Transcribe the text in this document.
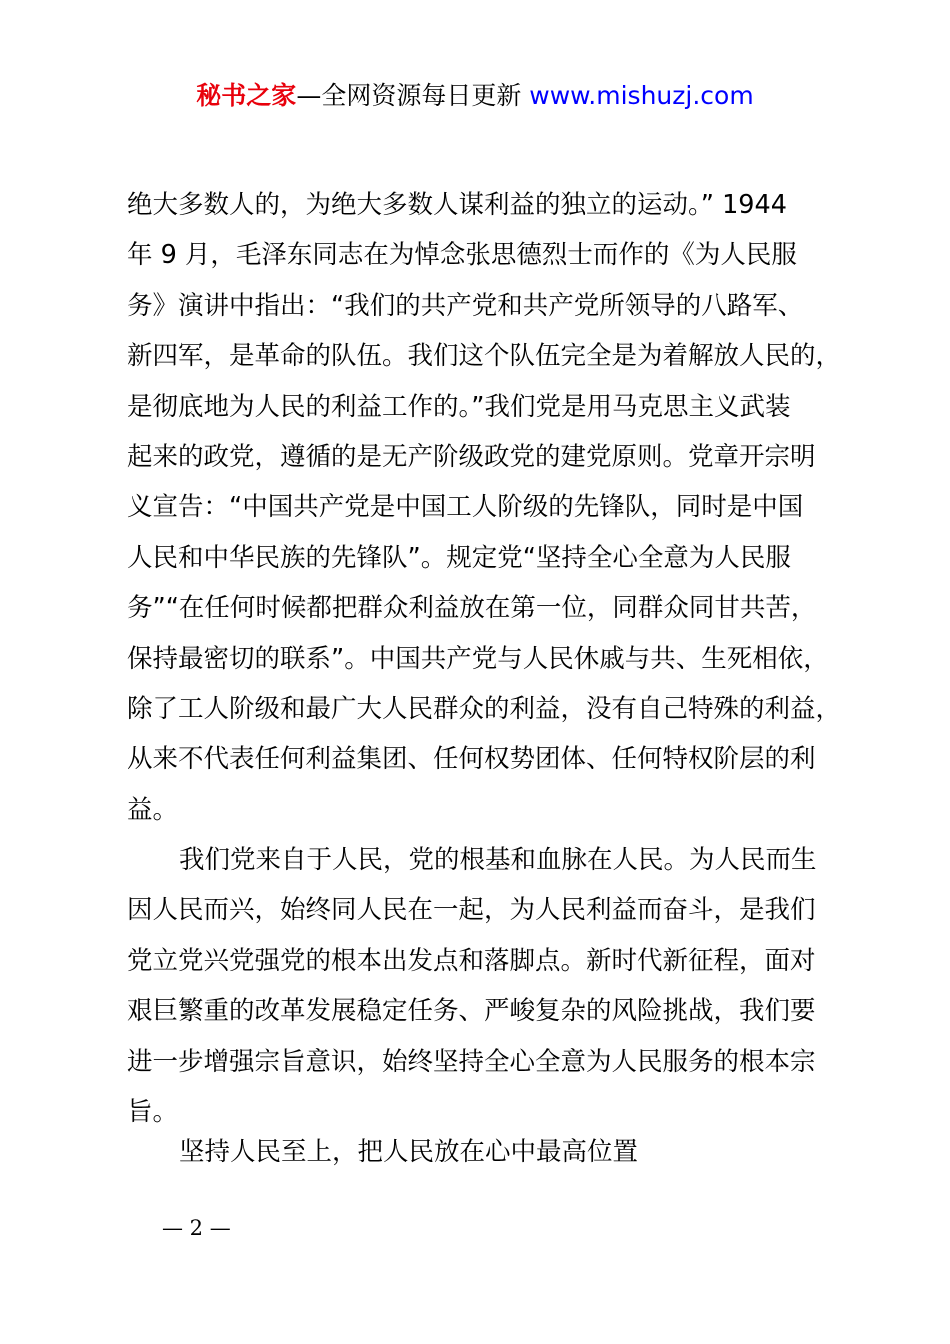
秘书之家—全网资源每日更新 www.mishuzj.com
绝大多数人的，为绝大多数人谋利益的独立的运动。” 1944
年 9 月，毛泽东同志在为悼念张思德烈士而作的《为人民服
务》演讲中指出：“我们的共产党和共产党所领导的八路军、
新四军，是革命的队伍。我们这个队伍完全是为着解放人民的，
是彻底地为人民的利益工作的。”我们党是用马克思主义武装
起来的政党，遵循的是无产阶级政党的建党原则。党章开宗明
义宣告：“中国共产党是中国工人阶级的先锋队，同时是中国
人民和中华民族的先锋队”。规定党“坚持全心全意为人民服
务”“在任何时候都把群众利益放在第一位，同群众同甘共苦，
保持最密切的联系”。中国共产党与人民休戚与共、生死相依，
除了工人阶级和最广大人民群众的利益，没有自己特殊的利益，
从来不代表任何利益集团、任何权势团体、任何特权阶层的利
益。
我们党来自于人民，党的根基和血脉在人民。为人民而生
因人民而兴，始终同人民在一起，为人民利益而奋斗，是我们
党立党兴党强党的根本出发点和落脚点。新时代新征程，面对
艰巨繁重的改革发展稳定任务、严峻复杂的风险挑战，我们要
进一步增强宗旨意识，始终坚持全心全意为人民服务的根本宗
旨。
坚持人民至上，把人民放在心中最高位置
— 2 —
